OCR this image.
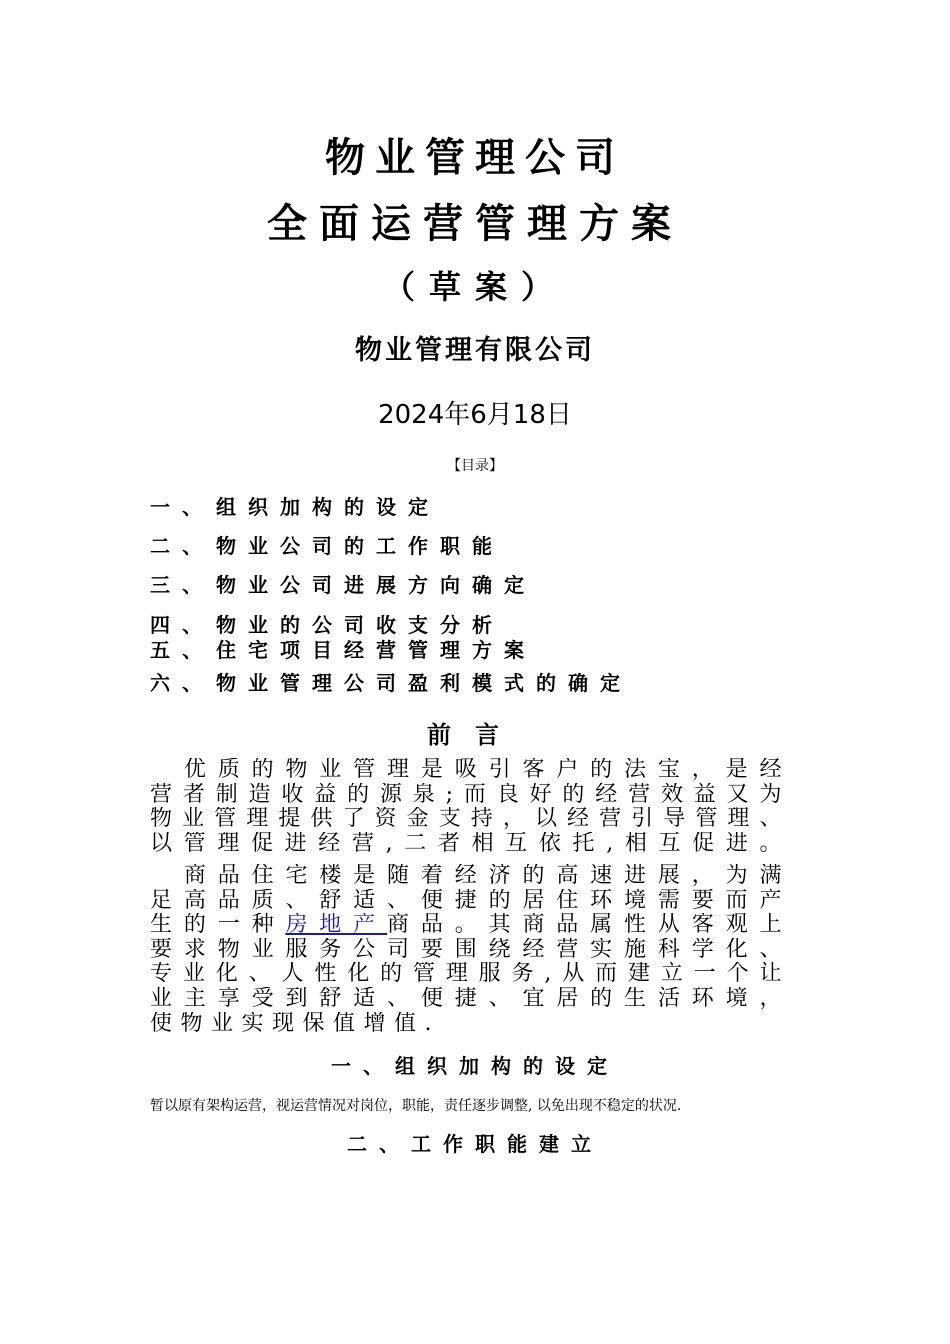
物业管理公司
全面运营管理方案
（草案）
物业管理有限公司
2024年6月18日
【目录】
一、 组织加构的设定
二、 物业公司的工作职能
三、 物业公司进展方向确定
四、 物业的公司收支分析
五、 住宅项目经营管理方案
六、 物业管理公司盈利模式的确定
前言
　优质的物业管理是吸引客户的法宝，是经
营者制造收益的源泉;而良好的经营效益又为
物业管理提供了资金支持，以经营引导管理、
以管理促进经营,二者相互依托,相互促进。
　商品住宅楼是随着经济的高速进展，为满
足高品质、舒适、便捷的居住环境需要而产
生的一种房地产商品。其商品属性从客观上
要求物业服务公司要围绕经营实施科学化、
专业化、人性化的管理服务,从而建立一个让
业主享受到舒适、便捷、宜居的生活环境，
使物业实现保值增值.
一、组织加构的设定
暂以原有架构运营，视运营情况对岗位，职能，责任逐步调整, 以免出现不稳定的状况.
二、工作职能建立
